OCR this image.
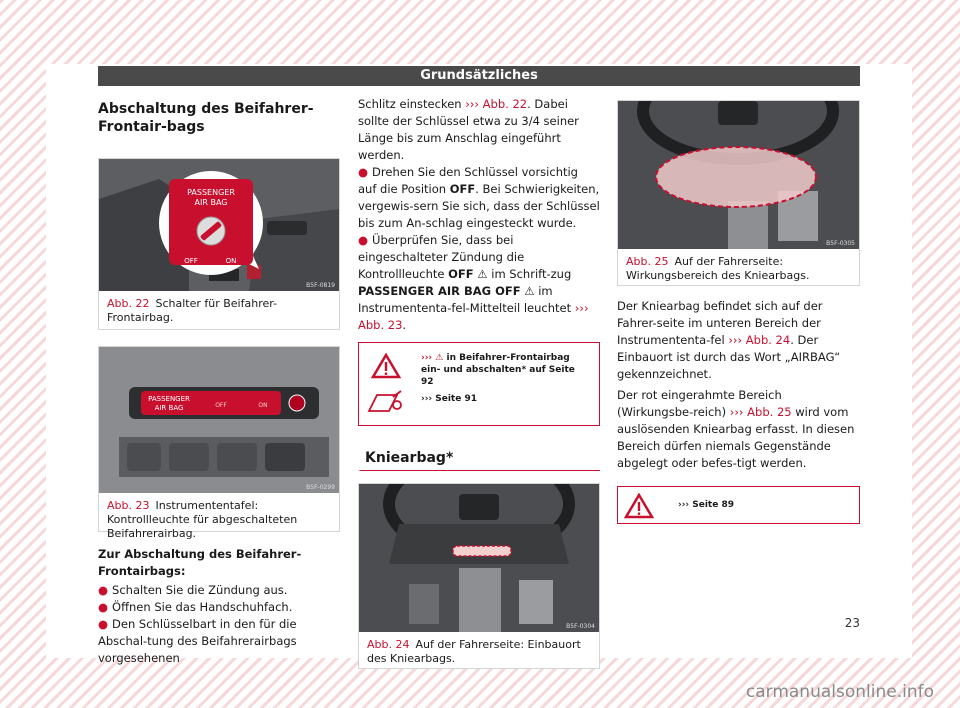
Grundsätzliches
Abschaltung des Beifahrer-Frontair-bags
PASSENGER
AIR BAG
OFF	ON
B5F-0819
Abb. 22 Schalter für Beifahrer-Frontairbag.
PASSENGER
AIR BAG	OFF	ON
B5F-0299
Abb. 23 Instrumententafel: Kontrollleuchte für abgeschalteten Beifahrerairbag.
Zur Abschaltung des Beifahrer-Frontairbags:
● Schalten Sie die Zündung aus.
● Öffnen Sie das Handschuhfach.
● Den Schlüsselbart in den für die Abschal-tung des Beifahrerairbags vorgesehenen

Schlitz einstecken ››› Abb. 22. Dabei sollte der Schlüssel etwa zu 3/4 seiner Länge bis zum Anschlag eingeführt werden.

● Drehen Sie den Schlüssel vorsichtig auf die Position OFF. Bei Schwierigkeiten, vergewis-sern Sie sich, dass der Schlüssel bis zum An-schlag eingesteckt wurde.

● Überprüfen Sie, dass bei eingeschalteter Zündung die Kontrollleuchte OFF ⚠ im Schrift-zug PASSENGER AIR BAG OFF ⚠ im Instrumententa-fel-Mittelteil leuchtet ››› Abb. 23.

››› ⚠ in Beifahrer-Frontairbag ein- und abschalten* auf Seite 92
››› Seite 91
Kniearbag*
B5F-0304
Abb. 24 Auf der Fahrerseite: Einbauort des Kniearbags.
B5F-0305
Abb. 25 Auf der Fahrerseite: Wirkungsbereich des Kniearbags.

Der Kniearbag befindet sich auf der Fahrer-seite im unteren Bereich der Instrumententa-fel ››› Abb. 24. Der Einbauort ist durch das Wort „AIRBAG“ gekennzeichnet.

Der rot eingerahmte Bereich (Wirkungsbe-reich) ››› Abb. 25 wird vom auslösenden Kniearbag erfasst. In diesen Bereich dürfen niemals Gegenstände abgelegt oder befes-tigt werden.

››› Seite 89
23
carmanualsonline.info
